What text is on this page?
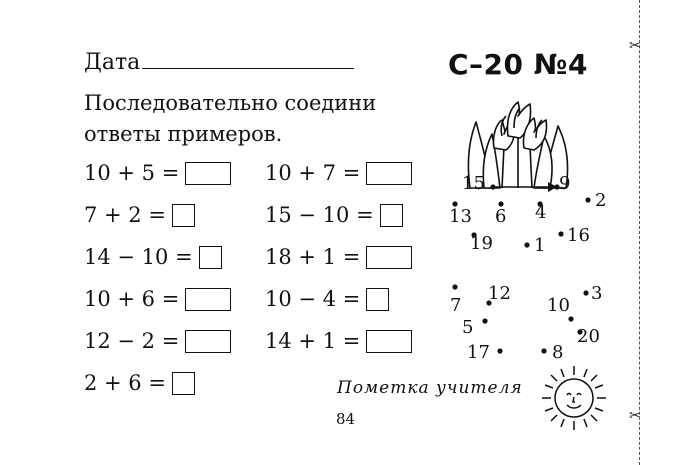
Дата	С–20 №4
Последовательно соедини
ответы примеров.
10 + 5 =
7 + 2 =
14 − 10 =
10 + 6 =
12 − 2 =
2 + 6 =
10 + 7 =
15 − 10 =
18 + 1 =
10 − 4 =
14 + 1 =
15	9
2
13 6 4
16
19 1
7
12	3
10
5	20
17	8
Пометка учителя
84
✂
✂
